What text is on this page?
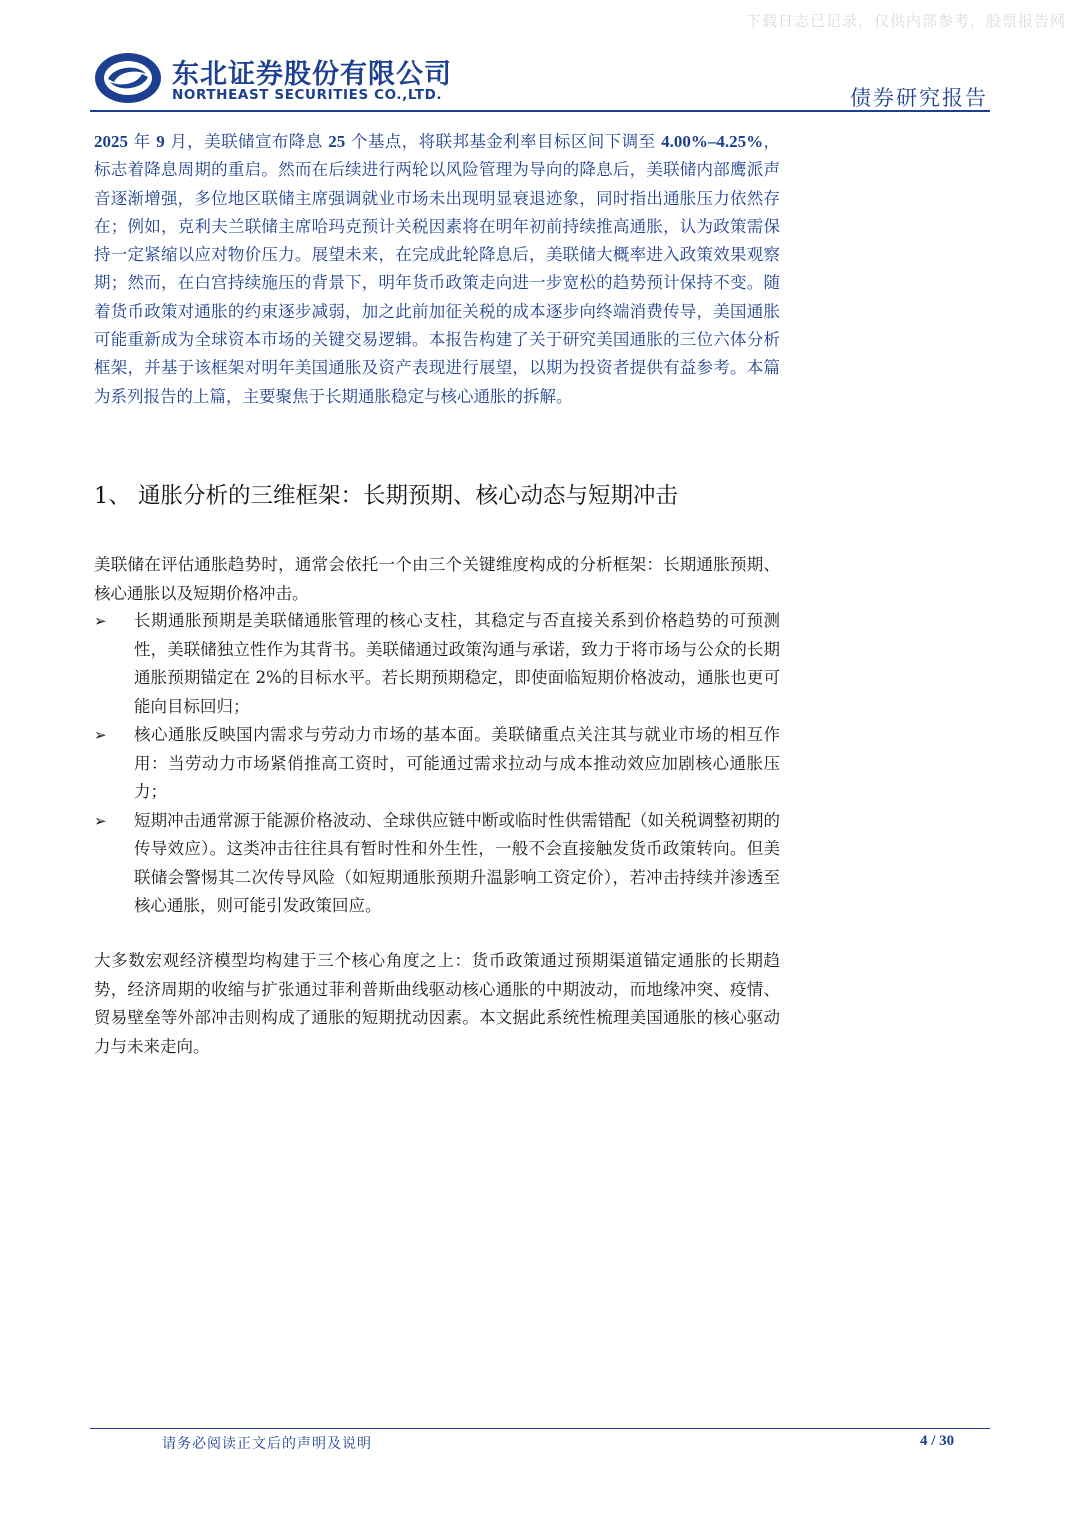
下载日志已记录，仅供内部参考，股票报告网
东北证券股份有限公司
NORTHEAST SECURITIES CO.,LTD.	债券研究报告

2025 年 9 月，美联储宣布降息 25 个基点，将联邦基金利率目标区间下调至 4.00%–4.25%，标志着降息周期的重启。然而在后续进行两轮以风险管理为导向的降息后，美联储内部鹰派声音逐渐增强，多位地区联储主席强调就业市场未出现明显衰退迹象，同时指出通胀压力依然存在；例如，克利夫兰联储主席哈玛克预计关税因素将在明年初前持续推高通胀，认为政策需保持一定紧缩以应对物价压力。展望未来，在完成此轮降息后，美联储大概率进入政策效果观察期；然而，在白宫持续施压的背景下，明年货币政策走向进一步宽松的趋势预计保持不变。随着货币政策对通胀的约束逐步减弱，加之此前加征关税的成本逐步向终端消费传导，美国通胀可能重新成为全球资本市场的关键交易逻辑。本报告构建了关于研究美国通胀的三位六体分析框架，并基于该框架对明年美国通胀及资产表现进行展望，以期为投资者提供有益参考。本篇为系列报告的上篇，主要聚焦于长期通胀稳定与核心通胀的拆解。

1、 通胀分析的三维框架：长期预期、核心动态与短期冲击

美联储在评估通胀趋势时，通常会依托一个由三个关键维度构成的分析框架：长期通胀预期、核心通胀以及短期价格冲击。

➢ 长期通胀预期是美联储通胀管理的核心支柱，其稳定与否直接关系到价格趋势的可预测性，美联储独立性作为其背书。美联储通过政策沟通与承诺，致力于将市场与公众的长期通胀预期锚定在 2%的目标水平。若长期预期稳定，即使面临短期价格波动，通胀也更可能向目标回归；
➢ 核心通胀反映国内需求与劳动力市场的基本面。美联储重点关注其与就业市场的相互作用：当劳动力市场紧俏推高工资时，可能通过需求拉动与成本推动效应加剧核心通胀压力；
➢ 短期冲击通常源于能源价格波动、全球供应链中断或临时性供需错配（如关税调整初期的传导效应）。这类冲击往往具有暂时性和外生性，一般不会直接触发货币政策转向。但美联储会警惕其二次传导风险（如短期通胀预期升温影响工资定价），若冲击持续并渗透至核心通胀，则可能引发政策回应。

大多数宏观经济模型均构建于三个核心角度之上：货币政策通过预期渠道锚定通胀的长期趋势，经济周期的收缩与扩张通过菲利普斯曲线驱动核心通胀的中期波动，而地缘冲突、疫情、贸易壁垒等外部冲击则构成了通胀的短期扰动因素。本文据此系统性梳理美国通胀的核心驱动力与未来走向。

请务必阅读正文后的声明及说明	4 / 30
